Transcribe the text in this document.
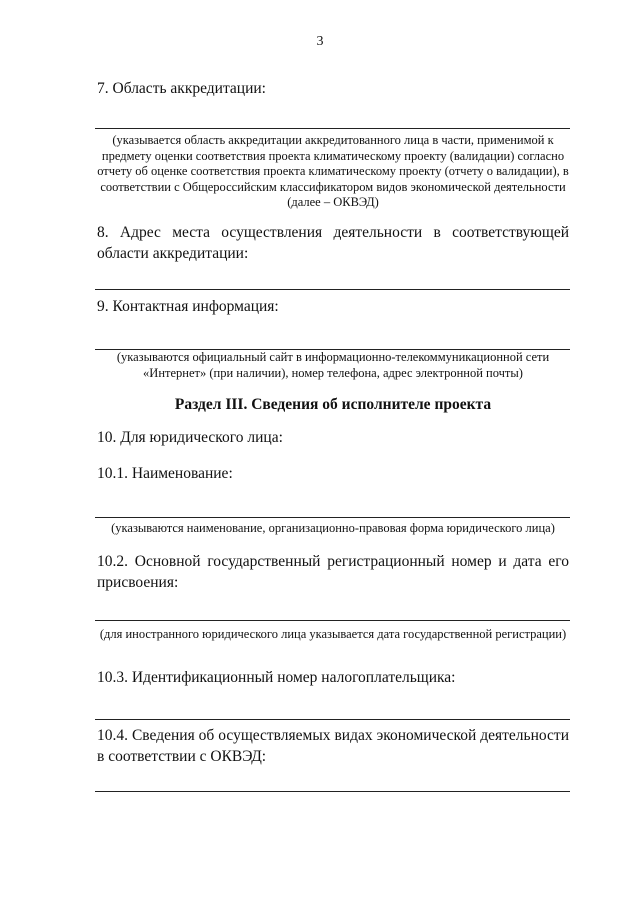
3
7. Область аккредитации:
(указывается область аккредитации аккредитованного лица в части, применимой к предмету оценки соответствия проекта климатическому проекту (валидации) согласно отчету об оценке соответствия проекта климатическому проекту (отчету о валидации), в соответствии с Общероссийским классификатором видов экономической деятельности (далее – ОКВЭД)
8. Адрес места осуществления деятельности в соответствующей области аккредитации:
9. Контактная информация:
(указываются официальный сайт в информационно-телекоммуникационной сети «Интернет» (при наличии), номер телефона, адрес электронной почты)
Раздел III. Сведения об исполнителе проекта
10. Для юридического лица:
10.1. Наименование:
(указываются наименование, организационно-правовая форма юридического лица)
10.2. Основной государственный регистрационный номер и дата его присвоения:
(для иностранного юридического лица указывается дата государственной регистрации)
10.3. Идентификационный номер налогоплательщика:
10.4. Сведения об осуществляемых видах экономической деятельности в соответствии с ОКВЭД:
